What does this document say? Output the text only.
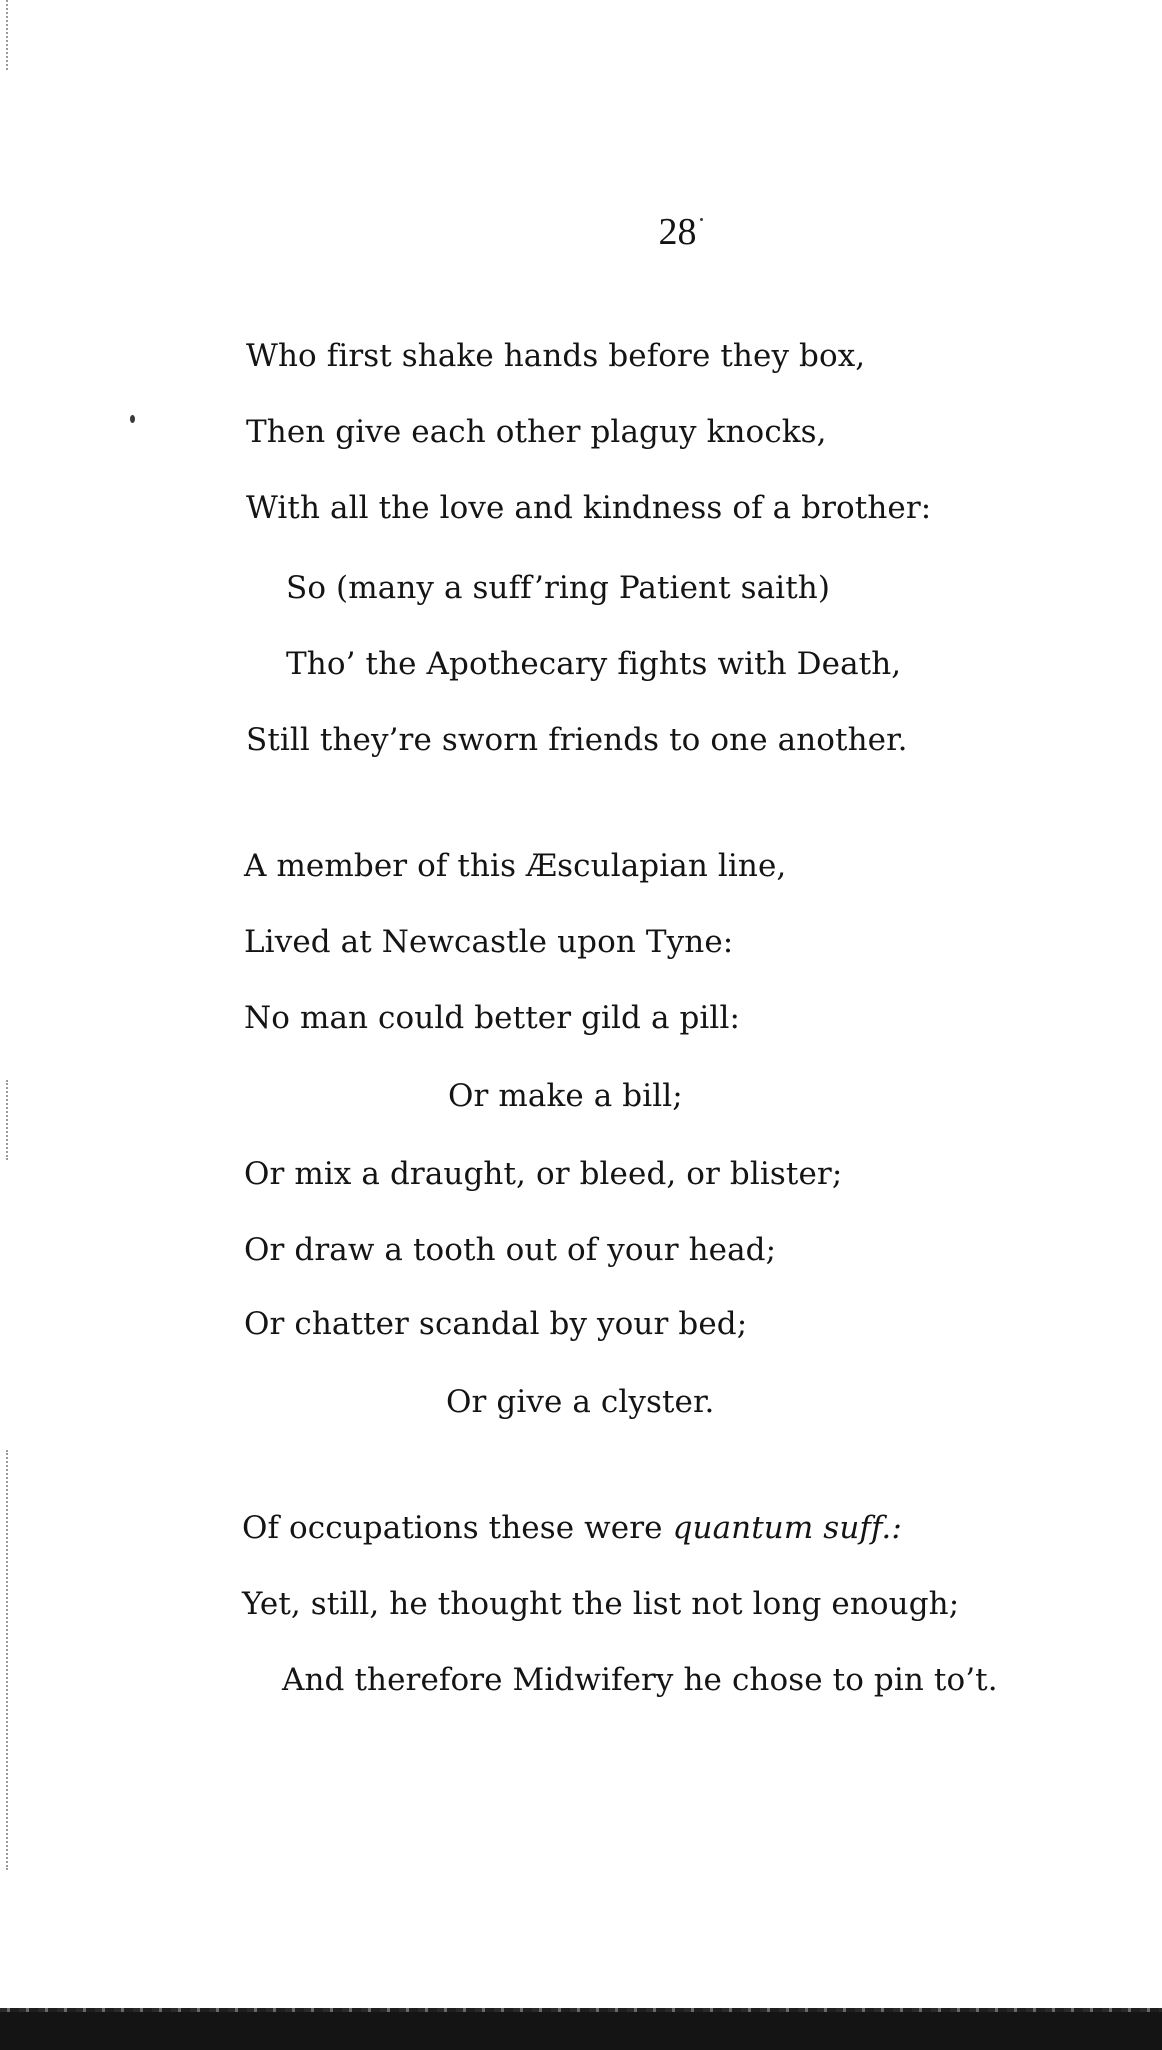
28
Who first shake hands before they box,
Then give each other plaguy knocks,
With all the love and kindness of a brother:
So (many a suff’ring Patient saith)
Tho’ the Apothecary fights with Death,
Still they’re sworn friends to one another.
A member of this Æsculapian line,
Lived at Newcastle upon Tyne:
No man could better gild a pill:
Or make a bill;
Or mix a draught, or bleed, or blister;
Or draw a tooth out of your head;
Or chatter scandal by your bed;
Or give a clyster.
Of occupations these were quantum suff.:
Yet, still, he thought the list not long enough;
And therefore Midwifery he chose to pin to’t.
